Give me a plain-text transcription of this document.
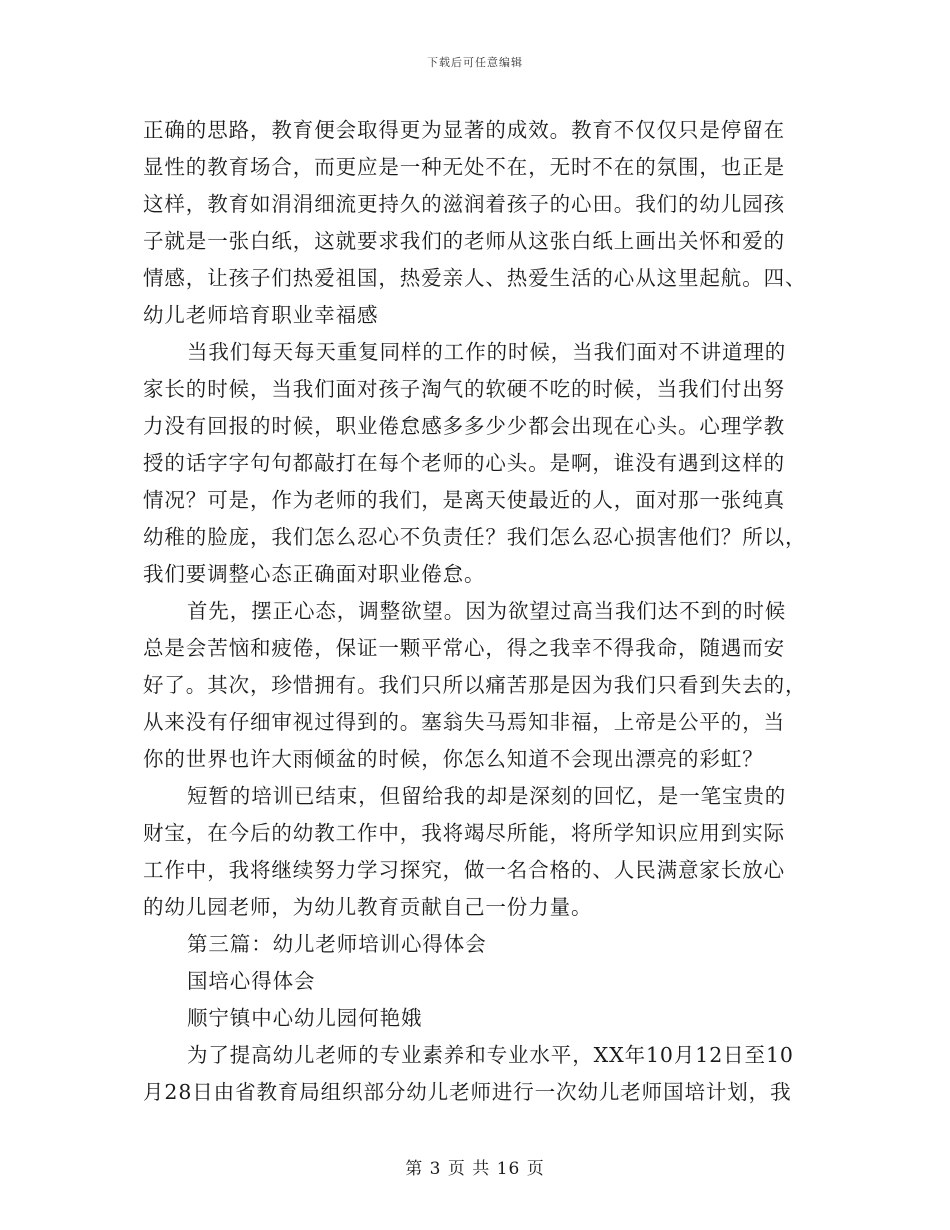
下载后可任意编辑
正确的思路，教育便会取得更为显著的成效。教育不仅仅只是停留在
显性的教育场合，而更应是一种无处不在，无时不在的氛围，也正是
这样，教育如涓涓细流更持久的滋润着孩子的心田。我们的幼儿园孩
子就是一张白纸，这就要求我们的老师从这张白纸上画出关怀和爱的
情感，让孩子们热爱祖国，热爱亲人、热爱生活的心从这里起航。四、
幼儿老师培育职业幸福感
当我们每天每天重复同样的工作的时候，当我们面对不讲道理的
家长的时候，当我们面对孩子淘气的软硬不吃的时候，当我们付出努
力没有回报的时候，职业倦怠感多多少少都会出现在心头。心理学教
授的话字字句句都敲打在每个老师的心头。是啊，谁没有遇到这样的
情况？可是，作为老师的我们，是离天使最近的人，面对那一张纯真
幼稚的脸庞，我们怎么忍心不负责任？我们怎么忍心损害他们？所以，
我们要调整心态正确面对职业倦怠。
首先，摆正心态，调整欲望。因为欲望过高当我们达不到的时候
总是会苦恼和疲倦，保证一颗平常心，得之我幸不得我命，随遇而安
好了。其次，珍惜拥有。我们只所以痛苦那是因为我们只看到失去的，
从来没有仔细审视过得到的。塞翁失马焉知非福，上帝是公平的，当
你的世界也许大雨倾盆的时候，你怎么知道不会现出漂亮的彩虹？
短暂的培训已结束，但留给我的却是深刻的回忆，是一笔宝贵的
财宝，在今后的幼教工作中，我将竭尽所能，将所学知识应用到实际
工作中，我将继续努力学习探究，做一名合格的、人民满意家长放心
的幼儿园老师，为幼儿教育贡献自己一份力量。
第三篇：幼儿老师培训心得体会
国培心得体会
顺宁镇中心幼儿园何艳娥
为了提高幼儿老师的专业素养和专业水平，XX年10月12日至10
月28日由省教育局组织部分幼儿老师进行一次幼儿老师国培计划，我
第 3 页 共 16 页
